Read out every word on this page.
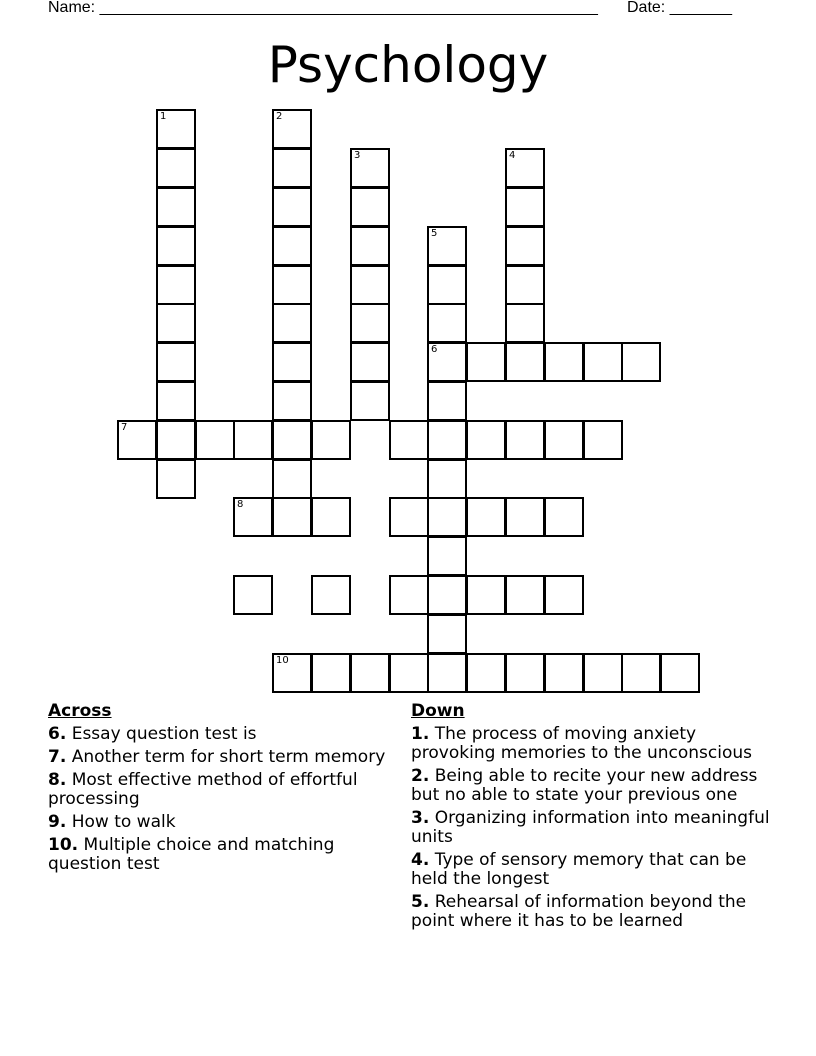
Name: ________________________________________________________ Date: _______
Psychology
1	2
3	4
5
6
7
8
10
Across
6. Essay question test is
7. Another term for short term memory
8. Most effective method of effortful processing
9. How to walk
10. Multiple choice and matching question test
Down
1. The process of moving anxiety provoking memories to the unconscious
2. Being able to recite your new address but no able to state your previous one
3. Organizing information into meaningful units
4. Type of sensory memory that can be held the longest
5. Rehearsal of information beyond the point where it has to be learned
